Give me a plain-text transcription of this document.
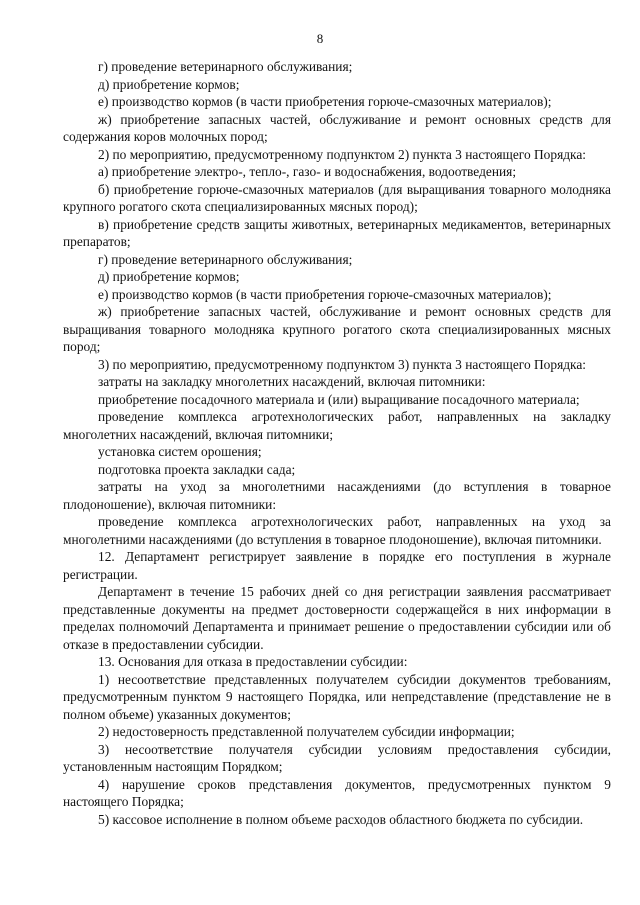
8

г) проведение ветеринарного обслуживания;

д) приобретение кормов;

е) производство кормов (в части приобретения горюче-смазочных материалов);

ж) приобретение запасных частей, обслуживание и ремонт основных средств для содержания коров молочных пород;

2) по мероприятию, предусмотренному подпунктом 2) пункта 3 настоящего Порядка:

а) приобретение электро-, тепло-, газо- и водоснабжения, водоотведения;

б) приобретение горюче-смазочных материалов (для выращивания товарного молодняка крупного рогатого скота специализированных мясных пород);

в) приобретение средств защиты животных, ветеринарных медикаментов, ветеринарных препаратов;

г) проведение ветеринарного обслуживания;

д) приобретение кормов;

е) производство кормов (в части приобретения горюче-смазочных материалов);

ж) приобретение запасных частей, обслуживание и ремонт основных средств для выращивания товарного молодняка крупного рогатого скота специализированных мясных пород;

3) по мероприятию, предусмотренному подпунктом 3) пункта 3 настоящего Порядка:

затраты на закладку многолетних насаждений, включая питомники:

приобретение посадочного материала и (или) выращивание посадочного материала;

проведение комплекса агротехнологических работ, направленных на закладку многолетних насаждений, включая питомники;

установка систем орошения;

подготовка проекта закладки сада;

затраты на уход за многолетними насаждениями (до вступления в товарное плодоношение), включая питомники:

проведение комплекса агротехнологических работ, направленных на уход за многолетними насаждениями (до вступления в товарное плодоношение), включая питомники.

12. Департамент регистрирует заявление в порядке его поступления в журнале регистрации.

Департамент в течение 15 рабочих дней со дня регистрации заявления рассматривает представленные документы на предмет достоверности содержащейся в них информации в пределах полномочий Департамента и принимает решение о предоставлении субсидии или об отказе в предоставлении субсидии.

13. Основания для отказа в предоставлении субсидии:

1) несоответствие представленных получателем субсидии документов требованиям, предусмотренным пунктом 9 настоящего Порядка, или непредставление (представление не в полном объеме) указанных документов;

2) недостоверность представленной получателем субсидии информации;

3) несоответствие получателя субсидии условиям предоставления субсидии, установленным настоящим Порядком;

4) нарушение сроков представления документов, предусмотренных пунктом 9 настоящего Порядка;

5) кассовое исполнение в полном объеме расходов областного бюджета по субсидии.
